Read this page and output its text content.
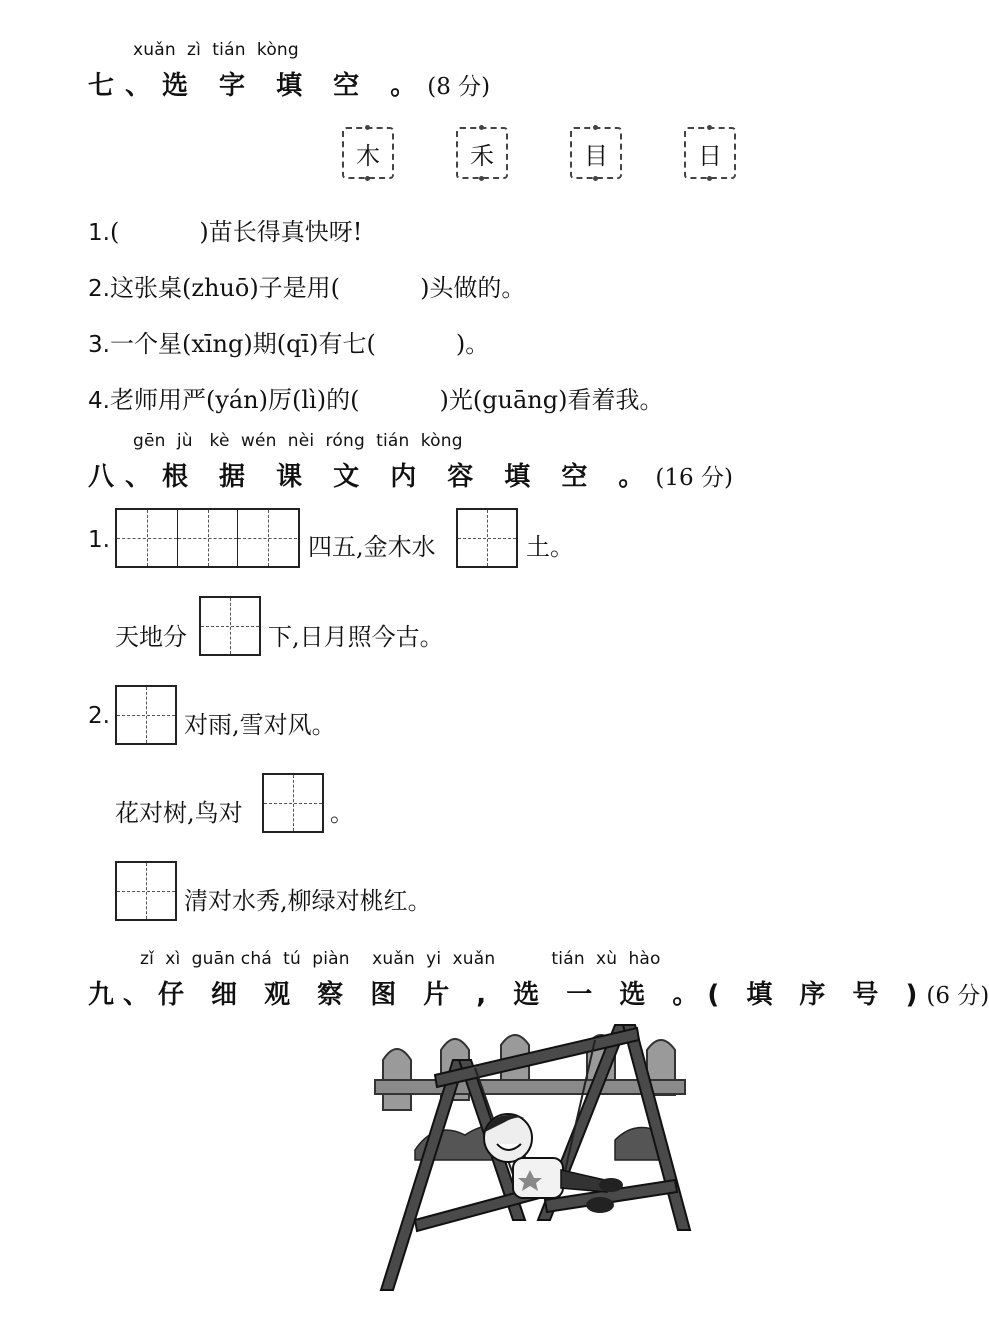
xuǎn  zì  tián  kòng
七、选 字 填 空 。(8 分)
木	禾	目	日
1.(	)苗长得真快呀!
2.这张桌(zhuō)子是用(	)头做的。
3.一个星(xīng)期(qī)有七(	)。
4.老师用严(yán)厉(lì)的(	)光(guāng)看着我。
gēn  jù   kè  wén  nèi  róng  tián  kòng
八、根 据 课 文 内 容 填 空 。(16 分)
1.	四五,金木水	土。
天地分	下,日月照今古。
2.	对雨,雪对风。
花对树,鸟对	。
清对水秀,柳绿对桃红。
zǐ  xì  guān chá  tú  piàn    xuǎn  yi  xuǎn          tián  xù  hào
九、仔 细 观 察 图 片 , 选 一 选 。( 填 序 号 )(6 分)
